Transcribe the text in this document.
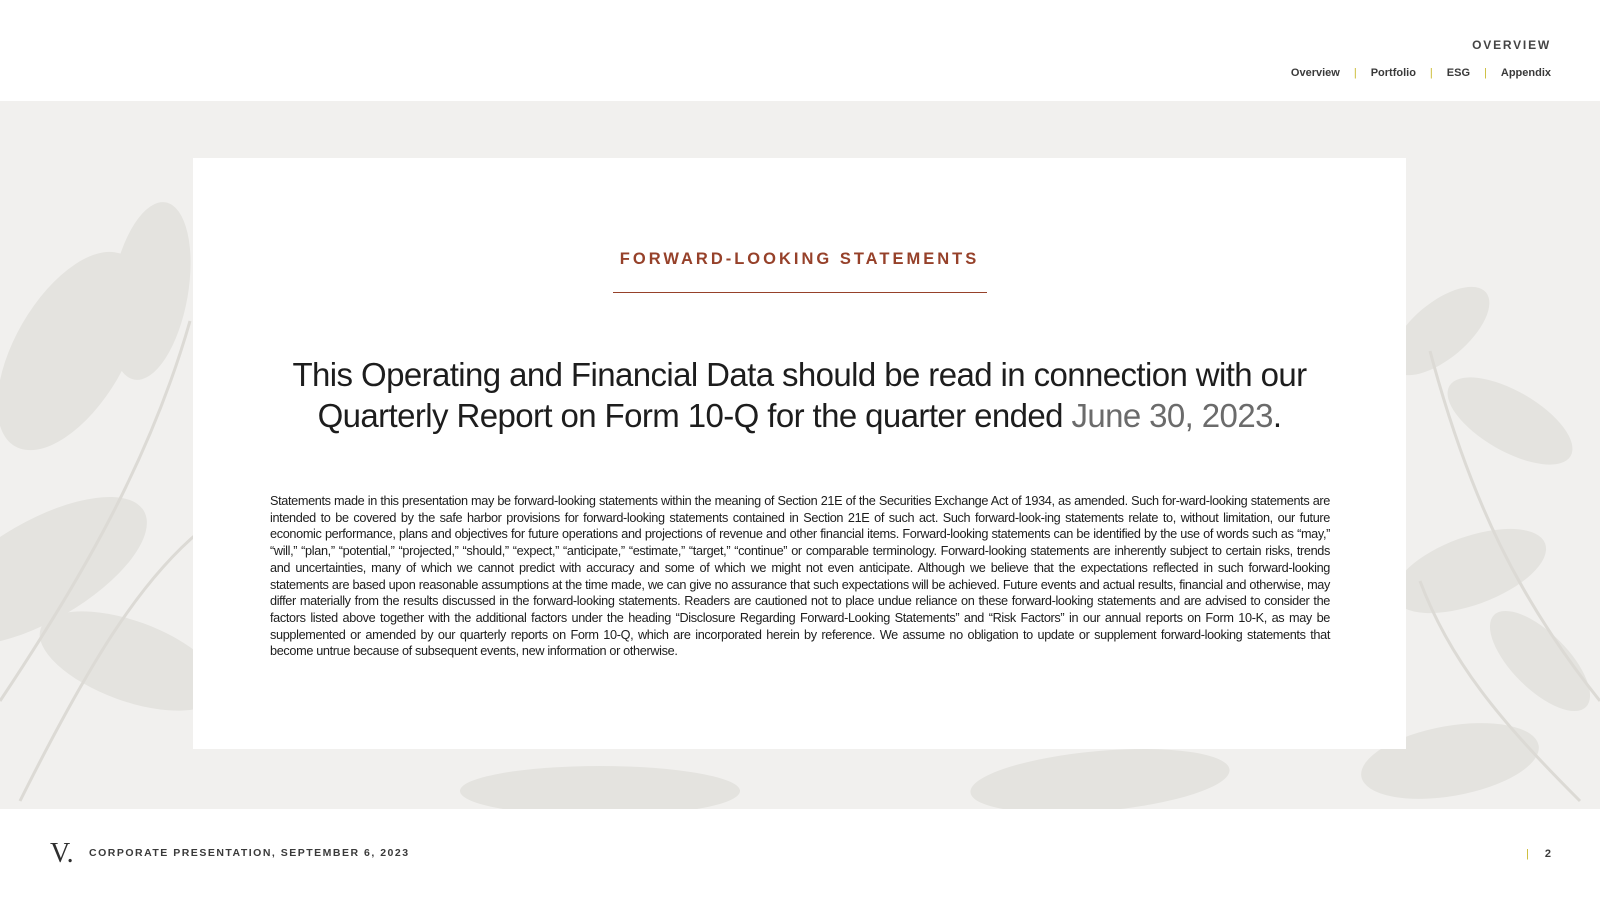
OVERVIEW
Overview | Portfolio | ESG | Appendix
FORWARD-LOOKING STATEMENTS
This Operating and Financial Data should be read in connection with our Quarterly Report on Form 10-Q for the quarter ended June 30, 2023.
Statements made in this presentation may be forward-looking statements within the meaning of Section 21E of the Securities Exchange Act of 1934, as amended. Such for-ward-looking statements are intended to be covered by the safe harbor provisions for forward-looking statements contained in Section 21E of such act. Such forward-look-ing statements relate to, without limitation, our future economic performance, plans and objectives for future operations and projections of revenue and other financial items. Forward-looking statements can be identified by the use of words such as “may,” “will,” “plan,” “potential,” “projected,” “should,” “expect,” “anticipate,” “estimate,” “target,” “continue” or comparable terminology. Forward-looking statements are inherently subject to certain risks, trends and uncertainties, many of which we cannot predict with accuracy and some of which we might not even anticipate. Although we believe that the expectations reflected in such forward-looking statements are based upon reasonable assumptions at the time made, we can give no assurance that such expectations will be achieved. Future events and actual results, financial and otherwise, may differ materially from the results discussed in the forward-looking statements. Readers are cautioned not to place undue reliance on these forward-looking statements and are advised to consider the factors listed above together with the additional factors under the heading “Disclosure Regarding Forward-Looking Statements” and “Risk Factors” in our annual reports on Form 10-K, as may be supplemented or amended by our quarterly reports on Form 10-Q, which are incorporated herein by reference. We assume no obligation to update or supplement forward-looking statements that become untrue because of subsequent events, new information or otherwise.
V. CORPORATE PRESENTATION, SEPTEMBER 6, 2023	| 2
